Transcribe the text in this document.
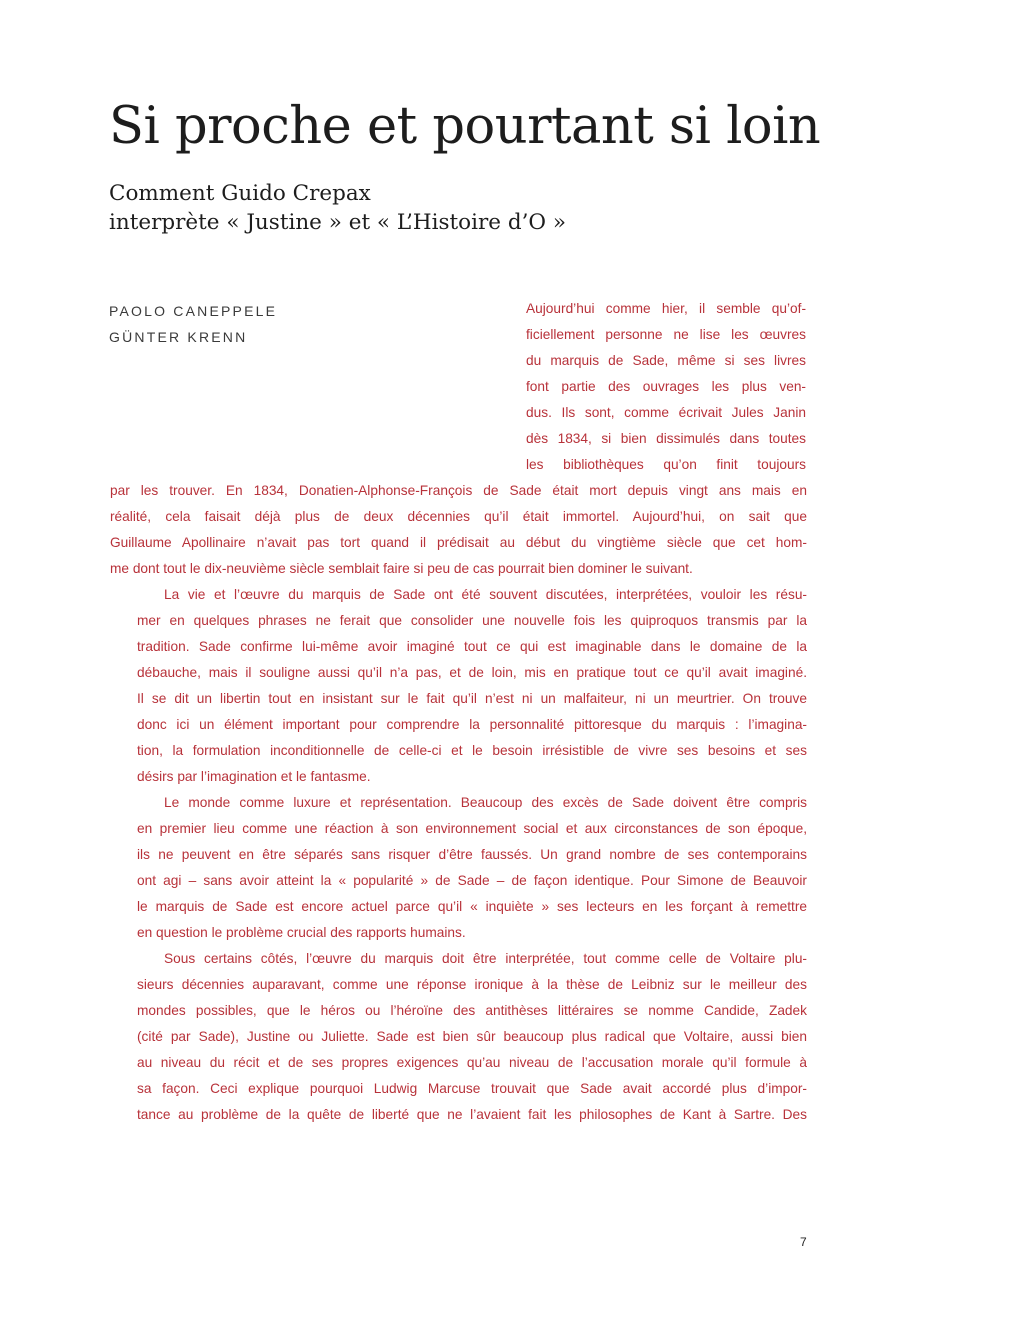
Si proche et pourtant si loin
Comment Guido Crepax
interprète « Justine » et « L’Histoire d’O »
PAOLO CANEPPELE
GÜNTER KRENN
Aujourd’hui comme hier, il semble qu’of-
ficiellement personne ne lise les œuvres
du marquis de Sade, même si ses livres
font partie des ouvrages les plus ven-
dus. Ils sont, comme écrivait Jules Janin
dès 1834, si bien dissimulés dans toutes
les bibliothèques qu’on finit toujours

par les trouver. En 1834, Donatien-Alphonse-François de Sade était mort depuis vingt ans mais en
réalité, cela faisait déjà plus de deux décennies qu’il était immortel. Aujourd’hui, on sait que
Guillaume Apollinaire n’avait pas tort quand il prédisait au début du vingtième siècle que cet hom-
me dont tout le dix-neuvième siècle semblait faire si peu de cas pourrait bien dominer le suivant.

La vie et l’œuvre du marquis de Sade ont été souvent discutées, interprétées, vouloir les résu-
mer en quelques phrases ne ferait que consolider une nouvelle fois les quiproquos transmis par la
tradition. Sade confirme lui-même avoir imaginé tout ce qui est imaginable dans le domaine de la
débauche, mais il souligne aussi qu’il n’a pas, et de loin, mis en pratique tout ce qu’il avait imaginé.
Il se dit un libertin tout en insistant sur le fait qu’il n’est ni un malfaiteur, ni un meurtrier. On trouve
donc ici un élément important pour comprendre la personnalité pittoresque du marquis : l’imagina-
tion, la formulation inconditionnelle de celle-ci et le besoin irrésistible de vivre ses besoins et ses
désirs par l’imagination et le fantasme.

Le monde comme luxure et représentation. Beaucoup des excès de Sade doivent être compris
en premier lieu comme une réaction à son environnement social et aux circonstances de son époque,
ils ne peuvent en être séparés sans risquer d’être faussés. Un grand nombre de ses contemporains
ont agi – sans avoir atteint la « popularité » de Sade – de façon identique. Pour Simone de Beauvoir
le marquis de Sade est encore actuel parce qu’il « inquiète » ses lecteurs en les forçant à remettre
en question le problème crucial des rapports humains.

Sous certains côtés, l’œuvre du marquis doit être interprétée, tout comme celle de Voltaire plu-
sieurs décennies auparavant, comme une réponse ironique à la thèse de Leibniz sur le meilleur des
mondes possibles, que le héros ou l’héroïne des antithèses littéraires se nomme Candide, Zadek
(cité par Sade), Justine ou Juliette. Sade est bien sûr beaucoup plus radical que Voltaire, aussi bien
au niveau du récit et de ses propres exigences qu’au niveau de l’accusation morale qu’il formule à
sa façon. Ceci explique pourquoi Ludwig Marcuse trouvait que Sade avait accordé plus d’impor-
tance au problème de la quête de liberté que ne l’avaient fait les philosophes de Kant à Sartre. Des

7
